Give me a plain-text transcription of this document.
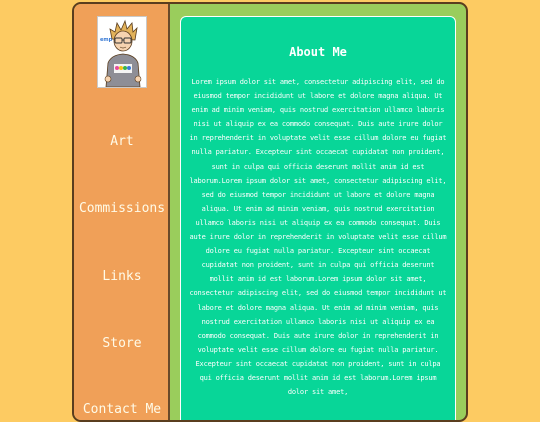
emp
Art
Commissions
Links
Store
Contact Me
About Me

Lorem ipsum dolor sit amet, consectetur adipiscing elit, sed do eiusmod tempor incididunt ut labore et dolore magna aliqua. Ut enim ad minim veniam, quis nostrud exercitation ullamco laboris nisi ut aliquip ex ea commodo consequat. Duis aute irure dolor in reprehenderit in voluptate velit esse cillum dolore eu fugiat nulla pariatur. Excepteur sint occaecat cupidatat non proident, sunt in culpa qui officia deserunt mollit anim id est laborum.Lorem ipsum dolor sit amet, consectetur adipiscing elit, sed do eiusmod tempor incididunt ut labore et dolore magna aliqua. Ut enim ad minim veniam, quis nostrud exercitation ullamco laboris nisi ut aliquip ex ea commodo consequat. Duis aute irure dolor in reprehenderit in voluptate velit esse cillum dolore eu fugiat nulla pariatur. Excepteur sint occaecat cupidatat non proident, sunt in culpa qui officia deserunt mollit anim id est laborum.Lorem ipsum dolor sit amet, consectetur adipiscing elit, sed do eiusmod tempor incididunt ut labore et dolore magna aliqua. Ut enim ad minim veniam, quis nostrud exercitation ullamco laboris nisi ut aliquip ex ea commodo consequat. Duis aute irure dolor in reprehenderit in voluptate velit esse cillum dolore eu fugiat nulla pariatur. Excepteur sint occaecat cupidatat non proident, sunt in culpa qui officia deserunt mollit anim id est laborum.Lorem ipsum dolor sit amet,
